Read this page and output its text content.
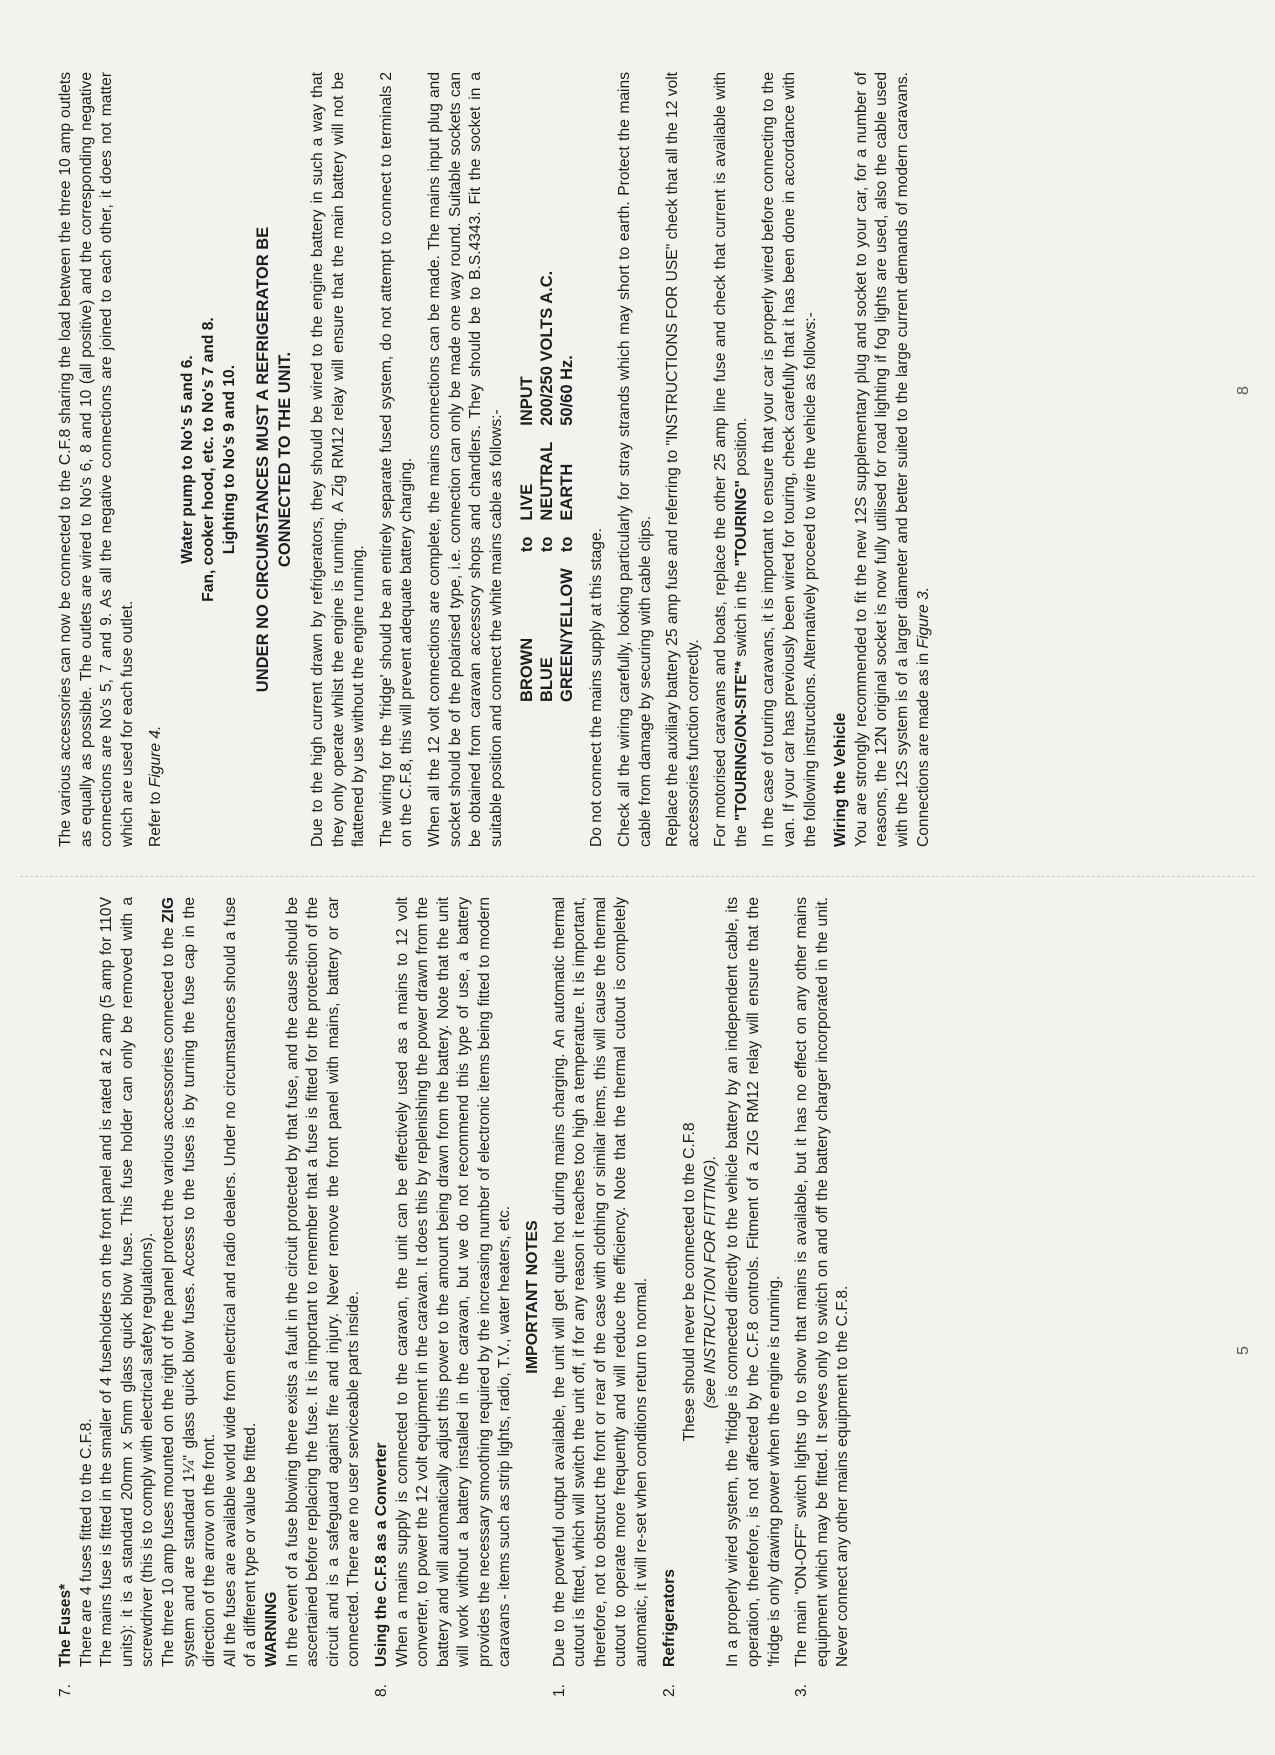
7.

The Fuses* There are 4 fuses fitted to the C.F.8. The mains fuse is fitted in the smaller of 4 fuseholders on the front panel and is rated at 2 amp (5 amp for 110V units): it is a standard 20mm x 5mm glass quick blow fuse. This fuse holder can only be removed with a screwdriver (this is to comply with electrical safety regulations). The three 10 amp fuses mounted on the right of the panel protect the various accessories connected to the ZIG system and are standard 1¼" glass quick blow fuses. Access to the fuses is by turning the fuse cap in the direction of the arrow on the front. All the fuses are available world wide from electrical and radio dealers. Under no circumstances should a fuse of a different type or value be fitted. WARNING In the event of a fuse blowing there exists a fault in the circuit protected by that fuse, and the cause should be ascertained before replacing the fuse. It is important to remember that a fuse is fitted for the protection of the circuit and is a safeguard against fire and injury. Never remove the front panel with mains, battery or car connected. There are no user serviceable parts inside.

8.

Using the C.F.8 as a Converter When a mains supply is connected to the caravan, the unit can be effectively used as a mains to 12 volt converter, to power the 12 volt equipment in the caravan. It does this by replenishing the power drawn from the battery and will automatically adjust this power to the amount being drawn from the battery. Note that the unit will work without a battery installed in the caravan, but we do not recommend this type of use, a battery provides the necessary smoothing required by the increasing number of electronic items being fitted to modern caravans - items such as strip lights, radio, T.V., water heaters, etc. IMPORTANT NOTES

1.

Due to the powerful output available, the unit will get quite hot during mains charging. An automatic thermal cutout is fitted, which will switch the unit off, if for any reason it reaches too high a temperature. It is important, therefore, not to obstruct the front or rear of the case with clothing or similar items, this will cause the thermal cutout to operate more frequently and will reduce the efficiency. Note that the thermal cutout is completely automatic, it will re-set when conditions return to normal.

2.

Refrigerators

These should never be connected to the C.F.8 (see INSTRUCTION FOR FITTING). In a properly wired system, the 'fridge is connected directly to the vehicle battery by an independent cable, its operation, therefore, is not affected by the C.F.8 controls. Fitment of a ZIG RM12 relay will ensure that the 'fridge is only drawing power when the engine is running.

3.

The main "ON-OFF" switch lights up to show that mains is available, but it has no effect on any other mains equipment which may be fitted. It serves only to switch on and off the battery charger incorporated in the unit. Never connect any other mains equipment to the C.F.8.

The various accessories can now be connected to the C.F.8 sharing the load between the three 10 amp outlets as equally as possible. The outlets are wired to No's 6, 8 and 10 (all positive) and the corresponding negative connections are No's 5, 7 and 9. As all the negative connections are joined to each other, it does not matter which are used for each fuse outlet. Refer to Figure 4.

Water pump to No's 5 and 6. Fan, cooker hood, etc. to No's 7 and 8. Lighting to No's 9 and 10. UNDER NO CIRCUMSTANCES MUST A REFRIGERATOR BE CONNECTED TO THE UNIT. Due to the high current drawn by refrigerators, they should be wired to the engine battery in such a way that they only operate whilst the engine is running. A Zig RM12 relay will ensure that the main battery will not be flattened by use without the engine running. The wiring for the 'fridge' should be an entirely separate fused system, do not attempt to connect to terminals 2 on the C.F.8, this will prevent adequate battery charging. When all the 12 volt connections are complete, the mains connections can be made. The mains input plug and socket should be of the polarised type, i.e. connection can only be made one way round. Suitable sockets can be obtained from caravan accessory shops and chandlers. They should be to B.S.4343. Fit the socket in a suitable position and connect the white mains cable as follows:- BROWN	to	LIVE	INPUT
BLUE	to	NEUTRAL	200/250 VOLTS A.C.
GREEN/YELLOW	to	EARTH	50/60 Hz.

Do not connect the mains supply at this stage. Check all the wiring carefully, looking particularly for stray strands which may short to earth. Protect the mains cable from damage by securing with cable clips. Replace the auxiliary battery 25 amp fuse and referring to "INSTRUCTIONS FOR USE" check that all the 12 volt accessories function correctly. For motorised caravans and boats, replace the other 25 amp line fuse and check that current is available with the "TOURING/ON-SITE"* switch in the "TOURING" position. In the case of touring caravans, it is important to ensure that your car is properly wired before connecting to the van. If your car has previously been wired for touring, check carefully that it has been done in accordance with the following instructions. Alternatively proceed to wire the vehicle as follows:- Wiring the Vehicle You are strongly recommended to fit the new 12S supplementary plug and socket to your car, for a number of reasons, the 12N original socket is now fully utilised for road lighting if fog lights are used, also the cable used with the 12S system is of a larger diameter and better suited to the large current demands of modern caravans. Connections are made as in Figure 3.

8
5
